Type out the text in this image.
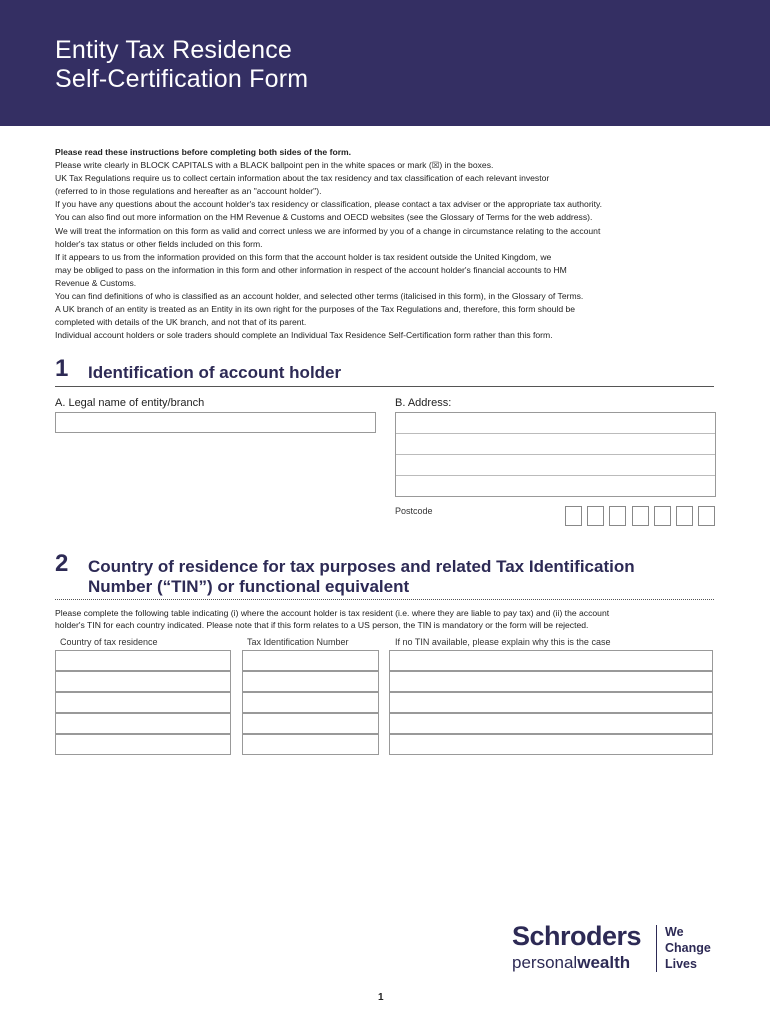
Entity Tax Residence
Self-Certification Form

Please read these instructions before completing both sides of the form.

Please write clearly in BLOCK CAPITALS with a BLACK ballpoint pen in the white spaces or mark (☒) in the boxes.

UK Tax Regulations require us to collect certain information about the tax residency and tax classification of each relevant investor

(referred to in those regulations and hereafter as an "account holder").

If you have any questions about the account holder's tax residency or classification, please contact a tax adviser or the appropriate tax authority.

You can also find out more information on the HM Revenue & Customs and OECD websites (see the Glossary of Terms for the web address).

We will treat the information on this form as valid and correct unless we are informed by you of a change in circumstance relating to the account

holder's tax status or other fields included on this form.

If it appears to us from the information provided on this form that the account holder is tax resident outside the United Kingdom, we

may be obliged to pass on the information in this form and other information in respect of the account holder's financial accounts to HM

Revenue & Customs.

You can find definitions of who is classified as an account holder, and selected other terms (italicised in this form), in the Glossary of Terms.

A UK branch of an entity is treated as an Entity in its own right for the purposes of the Tax Regulations and, therefore, this form should be

completed with details of the UK branch, and not that of its parent.

Individual account holders or sole traders should complete an Individual Tax Residence Self-Certification form rather than this form.

1 Identification of account holder
A. Legal name of entity/branch	B. Address:
Postcode
2 Country of residence for tax purposes and related Tax Identification
Number (“TIN”) or functional equivalent

Please complete the following table indicating (i) where the account holder is tax resident (i.e. where they are liable to pay tax) and (ii) the account

holder's TIN for each country indicated. Please note that if this form relates to a US person, the TIN is mandatory or the form will be rejected.

Country of tax residence	Tax Identification Number	If no TIN available, please explain why this is the case
Schroders
personalwealth
We
Change
Lives
1
